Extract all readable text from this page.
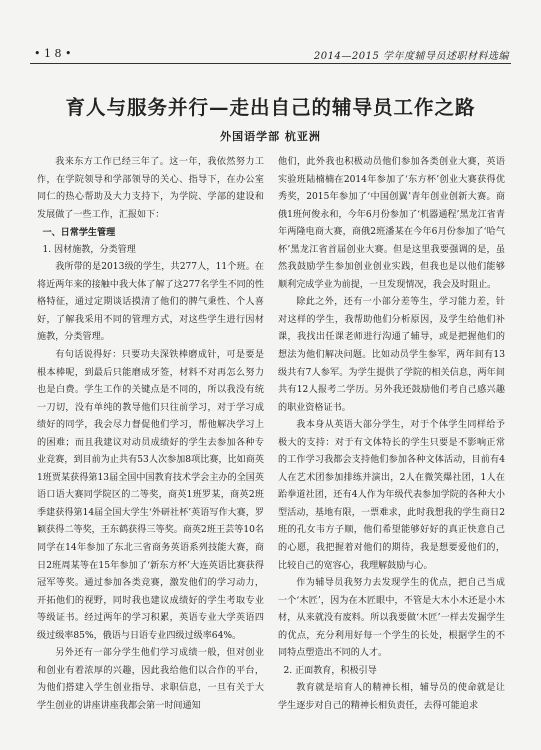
• 1 8 •	2014—2015 学年度辅导员述职材料选编
育人与服务并行—走出自己的辅导员工作之路
外国语学部 杭亚洲

我来东方工作已经三年了。这一年，我依然努力工作，在学院领导和学部领导的关心、指导下，在办公室同仁的热心帮助及大力支持下，为学院、学部的建设和发展做了一些工作，汇报如下：

一、日常学生管理

1. 因材施教，分类管理

我所带的是2013级的学生，共277人，11个班。在将近两年来的接触中我大体了解了这277名学生不同的性格特征，通过定期谈话摸清了他们的脾气秉性、个人喜好，了解我采用不同的管理方式，对这些学生进行因材施教，分类管理。

有句话说得好：只要功夫深铁棒磨成针，可是要是根本棒呢，到最后只能磨成牙签，材料不对再怎么努力也是白费。学生工作的关键点是不同的，所以我没有统一刀切，没有单纯的教导他们只往前学习，对于学习成绩好的同学，我会尽力督促他们学习，帮他解决学习上的困难；而且我建议对动员成绩好的学生去参加各种专业竞赛，到目前为止共有53人次参加8项比赛，比如商英1班贾某获得第13届全国中国教育技术学会主办的全国英语口语大赛同学院区的二等奖，商英1班罗某，商英2班季建获得第14届全国大学生‘外研社杯’英语写作大赛，罗颖获得二等奖，王东鹤获得三等奖。商英2班王芸等10名同学在14年参加了东北三省商务英语系列技能大赛，商日2班周某等在15年参加了‘新东方杯’大连英语比赛获得冠军等奖。通过参加各类竞赛，激发他们的学习动力，开拓他们的视野，同时我也建议成绩好的学生考取专业等级证书。经过两年的学习积累，英语专业大学英语四级过级率85%，俄语与日语专业四级过级率64%。

另外还有一部分学生他们学习成绩一般，但对创业和创业有着浓厚的兴趣，因此我给他们以合作的平台，为他们搭建入学生创业指导、求职信息，一旦有关于大学生创业的讲座讲座我都会第一时间通知

他们，此外我也积极动员他们参加各类创业大赛，英语实验班陆楠楠在2014年参加了‘东方杯’创业大赛获得优秀奖，2015年参加了‘中国创翼’青年创业创新大赛。商俄1班何俊永和，今年6月份参加了‘机器通程’黑龙江省青年两隆电商大赛，商俄2班潘某在今年6月份参加了‘哈气杯’黑龙江省首届创业大赛。但是这里我要强调的是，虽然我鼓励学生参加创业创业实践，但我也是以他们能够顺利完成学业为前提，一旦发现情况，我会及时阻止。

除此之外，还有一小部分差等生，学习能力差，针对这样的学生，我帮助他们分析原因，及学生给他们补课，我找出任课老师进行沟通了辅导，或是把握他们的想法为他们解决问题。比如动员学生参军，两年间有13级共有7人参军。为学生提供了学院的相关信息，两年间共有12人报考二学历。另外我还鼓励他们考自己感兴趣的职业资格证书。

我本身从英语大部分学生，对于个体学生同样给予极大的支持：对于有文体特长的学生只要是不影响正常的工作学习我都会支持他们参加各种文体活动，目前有4人在艺术团参加排练并演出，2人在微笑爆社团，1人在跆拳道社团，还有4人作为年级代表参加学院的各种大小型活动，基地有限，一票难求，此时我想我的学生商日2班的孔女韦方子顺，他们希望能够好好的真正快意自己的心愿，我把握着对他们的期待，我是想要爱他们的，比较自己的宽容心，我理解鼓励与心。

作为辅导员我努力去发现学生的优点，把自己当成一个‘木匠’，因为在木匠眼中，不管是大木小木还是小木材，从来就没有废料。所以我要做‘木匠’一样去发掘学生的优点，充分利用好每一个学生的长处，根据学生的不同特点塑造出不同的人才。

2. 正面教育，积极引导

教育就是培育人的精神长相，辅导员的使命就是让学生逐步对自己的精神长相负责任，去得可能追求
